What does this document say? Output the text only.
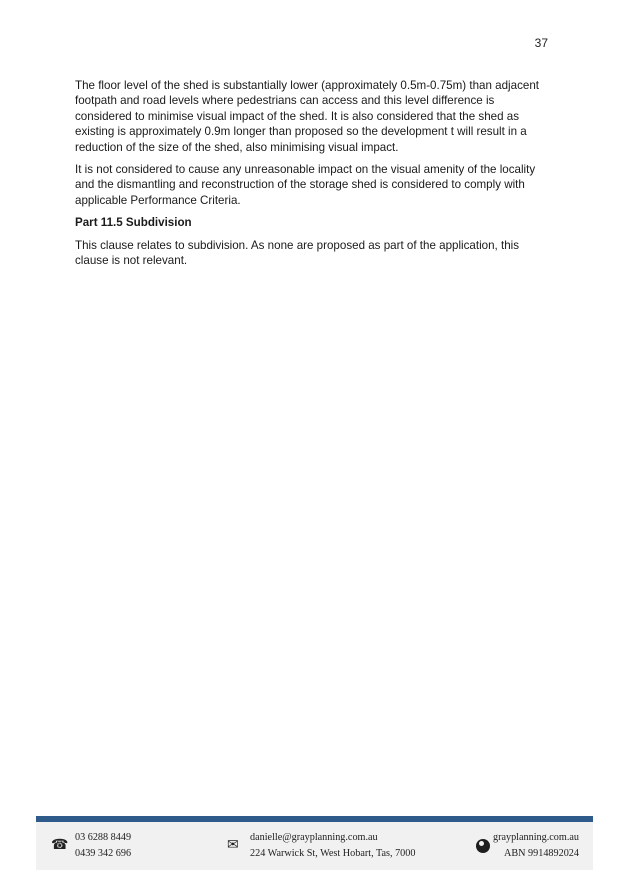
37

The floor level of the shed is substantially lower (approximately 0.5m-0.75m) than adjacent footpath and road levels where pedestrians can access and this level difference is considered to minimise visual impact of the shed. It is also considered that the shed as existing is approximately 0.9m longer than proposed so the development t will result in a reduction of the size of the shed, also minimising visual impact.

It is not considered to cause any unreasonable impact on the visual amenity of the locality and the dismantling and reconstruction of the storage shed is considered to comply with applicable Performance Criteria.

Part 11.5 Subdivision

This clause relates to subdivision. As none are proposed as part of the application, this clause is not relevant.

☎
03 6288 8449
0439 342 696
✉
danielle@grayplanning.com.au
224 Warwick St, West Hobart, Tas, 7000
grayplanning.com.au
ABN 9914892024
